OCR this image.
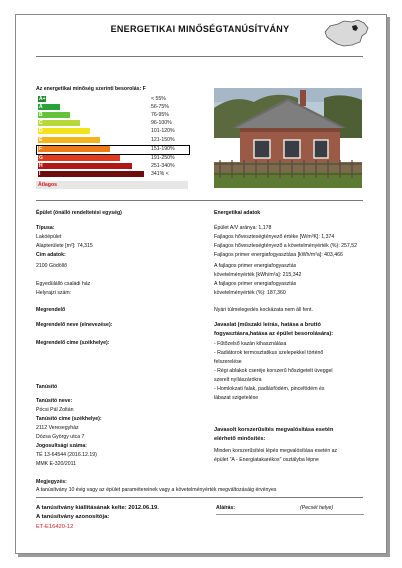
ENERGETIKAI MINŐSÉGTANÚSÍTVÁNY
Az energetikai minőség szerinti besorolás: F
A+	< 55%
A	56-75%
B	76-95%
C	96-100%
D	101-120%
E	121-150%
F	151-190%
G	191-250%
H	251-340%
I	341% <
Átlagos
Épület (önálló rendeltetési egység)
Típusa:
Lakóépület
Alapterülete [m²]: 74,315
Cím adatok:
2100 Gödöllő
Egyedülálló családi ház
Helyrajzi szám:
Megrendelő
Megrendelő neve (elnevezése):
Megrendelő címe (székhelye):
Tanúsító
Tanúsító neve:
Pócsi Pál Zoltán
Tanúsító címe (székhelye):
2112 Veresegyház
Dózsa György utca 7
Jogosultsági száma:
TÉ 13-64544 (2016.12.19)
MMK E-320/2011
Energetikai adatok
Épület A/V aránya: 1,178
Fajlagos hőveszteségtényező értéke [W/m³K]: 1,374
Fajlagos hőveszteségtényező a követelményérték (%): 257,52
Fajlagos primer energiafogyasztása [kWh/m²a]: 403,466
A fajlagos primer energiafogyasztás
követelményérték [kWh/m²a]: 215,342
A fajlagos primer energiafogyasztás
követelményérték (%): 187,360
Nyári túlmelegedés kockázata nem áll fent.
Javaslat (műszaki leírás, hatása a bruttó
fogyasztásra,hatása az épület besorolására):
- Fűtőzelső kazán kihasználása
- Radiátorok termosztatikus szelepekkel történő
felszerelése
- Régi ablakok cseréje korszerű hőszigetelt üveggel
szerelt nyílászárókra
- Homlokzati falak, padlásfödém, pincefödém és
lábazat szigetelése
Javasolt korszerűsítés megvalósítása esetén
elérhető minősítés:
Minden korszerűsítési lépés megvalósítása esetén az
épület "A - Energiatakarékos" osztályba lépne
Megjegyzés:
A tanúsítvány 10 évig vagy az épület paramétereinek vagy a követelményérték megváltozásáig érvényes
A tanúsítvány kiállításának kelte: 2012.06.19.
A tanúsítvány azonosítója:
ET-E16420-12
Aláírás:	(Pecsét helye)
